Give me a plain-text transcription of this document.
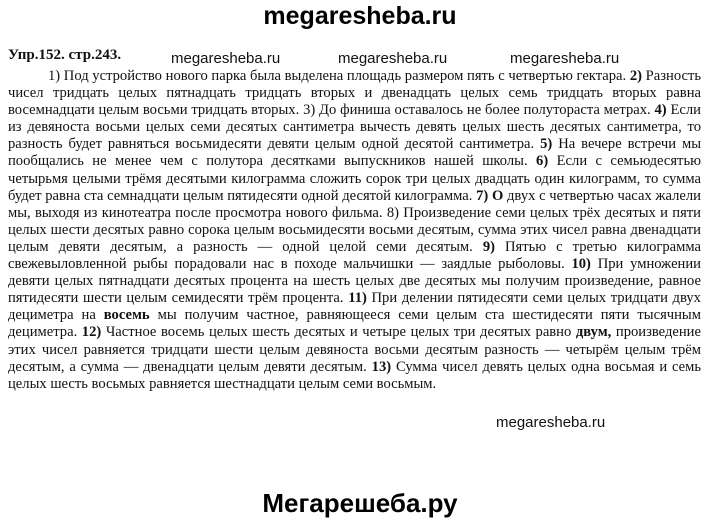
megaresheba.ru
Упр.152. стр.243.	megaresheba.ru	megaresheba.ru	megaresheba.ru

1) Под устройство нового парка была выделена площадь размером пять с четвертью гектара. 2) Разность чисел тридцать целых пятнадцать тридцать вторых и двенадцать целых семь тридцать вторых равна восемнадцати целым восьми тридцать вторых. 3) До финиша оставалось не более полутораста метрах. 4) Если из девяноста восьми целых семи десятых сантиметра вычесть девять целых шесть десятых сантиметра, то разность будет равняться восьмидесяти девяти целым одной десятой сантиметра. 5) На вечере встречи мы пообщались не менее чем с полутора десятками выпускников нашей школы. 6) Если с семьюдесятью четырьмя целыми трёмя десятыми килограмма сложить сорок три целых двадцать один килограмм, то сумма будет равна ста семнадцати целым пятидесяти одной десятой килограмма. 7) О двух с четвертью часах жалели мы, выходя из кинотеатра после просмотра нового фильма. 8) Произведение семи целых трёх десятых и пяти целых шести десятых равно сорока целым восьмидесяти восьми десятым, сумма этих чисел равна двенадцати целым девяти десятым, а разность — одной целой семи десятым. 9) Пятью с третью килограмма свежевыловленной рыбы порадовали нас в походе мальчишки — заядлые рыболовы. 10) При умножении девяти целых пятнадцати десятых процента на шесть целых две десятых мы получим произведение, равное пятидесяти шести целым семидесяти трём процента. 11) При делении пятидесяти семи целых тридцати двух дециметра на восемь мы получим частное, равняющееся семи целым ста шестидесяти пяти тысячным дециметра. 12) Частное восемь целых шесть десятых и четыре целых три десятых равно двум, произведение этих чисел равняется тридцати шести целым девяноста восьми десятым разность — четырём целым трём десятым, а сумма — двенадцати целым девяти десятым. 13) Сумма чисел девять целых одна восьмая и семь целых шесть восьмых равняется шестнадцати целым семи восьмым.

megaresheba.ru
Мегарешеба.ру
